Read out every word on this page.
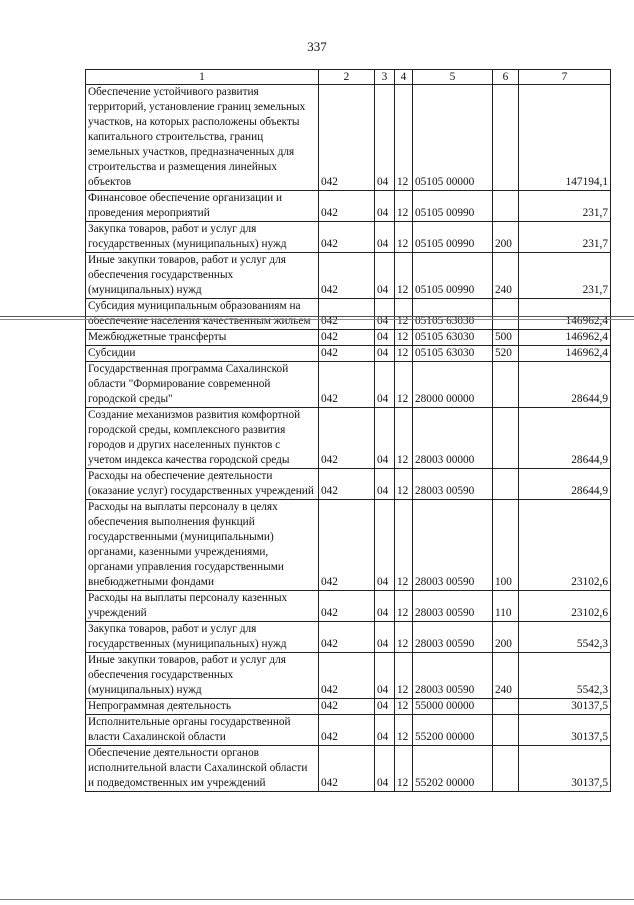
337
1	2	3	4	5	6	7
Обеспечение устойчивого развития территорий, установление границ земельных участков, на которых расположены объекты капитального строительства, границ земельных участков, предназначенных для строительства и размещения линейных объектов	042	04	12	05105 00000		147194,1
Финансовое обеспечение организации и проведения мероприятий	042	04	12	05105 00990		231,7
Закупка товаров, работ и услуг для государственных (муниципальных) нужд	042	04	12	05105 00990	200	231,7
Иные закупки товаров, работ и услуг для обеспечения государственных (муниципальных) нужд	042	04	12	05105 00990	240	231,7
Субсидия муниципальным образованиям на обеспечение населения качественным жильем	042	04	12	05105 63030		146962,4
Межбюджетные трансферты	042	04	12	05105 63030	500	146962,4
Субсидии	042	04	12	05105 63030	520	146962,4
Государственная программа Сахалинской области "Формирование современной городской среды"	042	04	12	28000 00000		28644,9
Создание механизмов развития комфортной городской среды, комплексного развития городов и других населенных пунктов с учетом индекса качества городской среды	042	04	12	28003 00000		28644,9
Расходы на обеспечение деятельности (оказание услуг) государственных учреждений	042	04	12	28003 00590		28644,9
Расходы на выплаты персоналу в целях обеспечения выполнения функций государственными (муниципальными) органами, казенными учреждениями, органами управления государственными внебюджетными фондами	042	04	12	28003 00590	100	23102,6
Расходы на выплаты персоналу казенных учреждений	042	04	12	28003 00590	110	23102,6
Закупка товаров, работ и услуг для государственных (муниципальных) нужд	042	04	12	28003 00590	200	5542,3
Иные закупки товаров, работ и услуг для обеспечения государственных (муниципальных) нужд	042	04	12	28003 00590	240	5542,3
Непрограммная деятельность	042	04	12	55000 00000		30137,5
Исполнительные органы государственной власти Сахалинской области	042	04	12	55200 00000		30137,5
Обеспечение деятельности органов исполнительной власти Сахалинской области и подведомственных им учреждений	042	04	12	55202 00000		30137,5
